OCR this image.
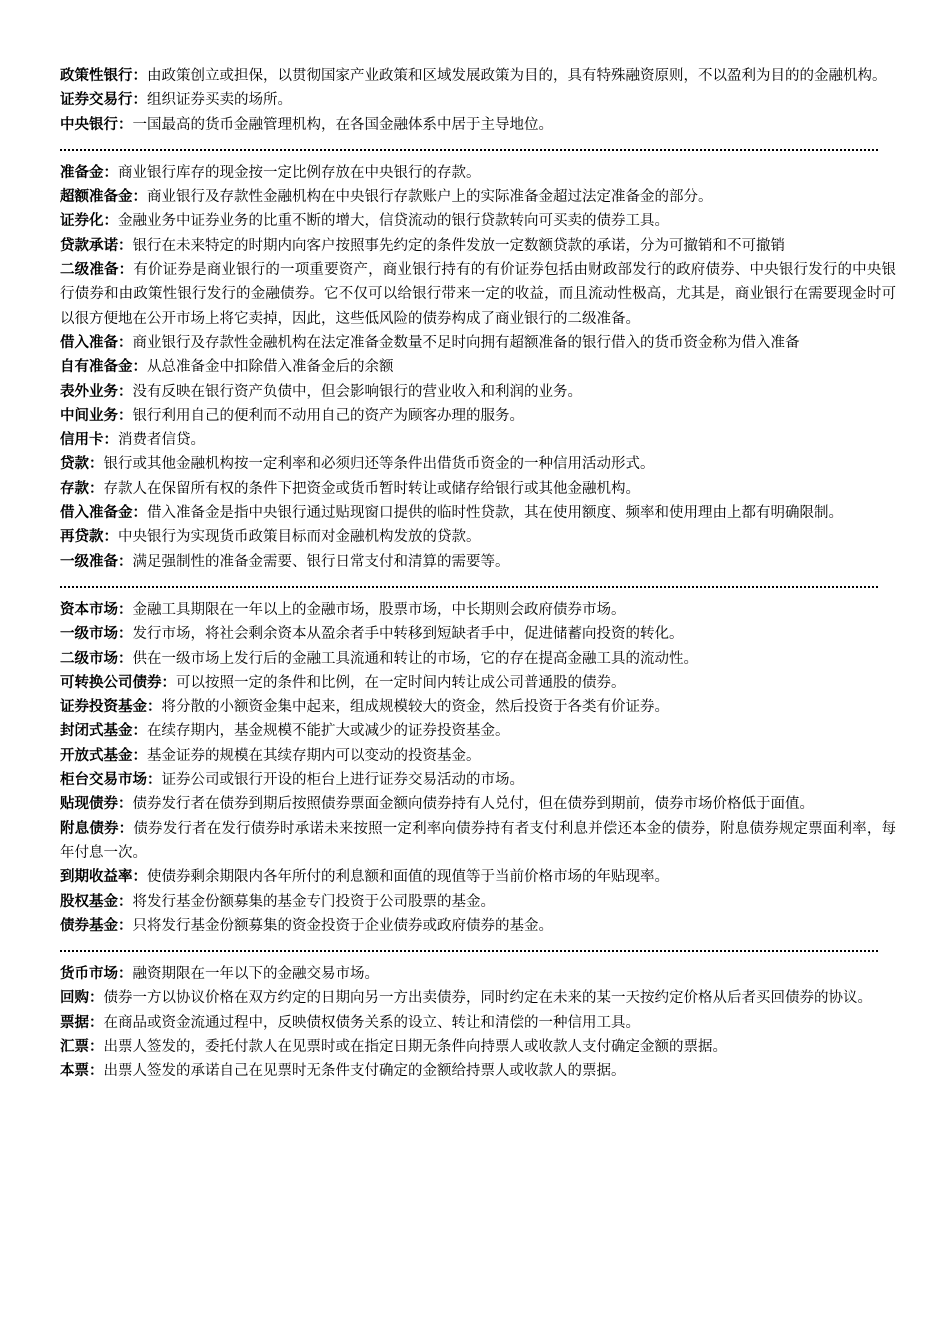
政策性银行：由政策创立或担保，以贯彻国家产业政策和区域发展政策为目的，具有特殊融资原则，不以盈利为目的的金融机构。

证券交易行：组织证券买卖的场所。

中央银行：一国最高的货币金融管理机构，在各国金融体系中居于主导地位。

准备金：商业银行库存的现金按一定比例存放在中央银行的存款。

超额准备金：商业银行及存款性金融机构在中央银行存款账户上的实际准备金超过法定准备金的部分。

证券化：金融业务中证券业务的比重不断的增大，信贷流动的银行贷款转向可买卖的债券工具。

贷款承诺：银行在未来特定的时期内向客户按照事先约定的条件发放一定数额贷款的承诺，分为可撤销和不可撤销

二级准备：有价证券是商业银行的一项重要资产，商业银行持有的有价证券包括由财政部发行的政府债券、中央银行发行的中央银行债券和由政策性银行发行的金融债券。它不仅可以给银行带来一定的收益，而且流动性极高，尤其是，商业银行在需要现金时可以很方便地在公开市场上将它卖掉，因此，这些低风险的债券构成了商业银行的二级准备。

借入准备：商业银行及存款性金融机构在法定准备金数量不足时向拥有超额准备的银行借入的货币资金称为借入准备

自有准备金：从总准备金中扣除借入准备金后的余额

表外业务：没有反映在银行资产负债中，但会影响银行的营业收入和利润的业务。

中间业务：银行利用自己的便利而不动用自己的资产为顾客办理的服务。

信用卡：消费者信贷。

贷款：银行或其他金融机构按一定利率和必须归还等条件出借货币资金的一种信用活动形式。

存款：存款人在保留所有权的条件下把资金或货币暂时转让或储存给银行或其他金融机构。

借入准备金：借入准备金是指中央银行通过贴现窗口提供的临时性贷款，其在使用额度、频率和使用理由上都有明确限制。

再贷款：中央银行为实现货币政策目标而对金融机构发放的贷款。

一级准备：满足强制性的准备金需要、银行日常支付和清算的需要等。

资本市场：金融工具期限在一年以上的金融市场，股票市场，中长期则会政府债券市场。

一级市场：发行市场，将社会剩余资本从盈余者手中转移到短缺者手中，促进储蓄向投资的转化。

二级市场：供在一级市场上发行后的金融工具流通和转让的市场，它的存在提高金融工具的流动性。

可转换公司债券：可以按照一定的条件和比例，在一定时间内转让成公司普通股的债券。

证券投资基金：将分散的小额资金集中起来，组成规模较大的资金，然后投资于各类有价证券。

封闭式基金：在续存期内，基金规模不能扩大或减少的证券投资基金。

开放式基金：基金证券的规模在其续存期内可以变动的投资基金。

柜台交易市场：证券公司或银行开设的柜台上进行证券交易活动的市场。

贴现债券：债券发行者在债券到期后按照债券票面金额向债券持有人兑付，但在债券到期前，债券市场价格低于面值。

附息债券：债券发行者在发行债券时承诺未来按照一定利率向债券持有者支付利息并偿还本金的债券，附息债券规定票面利率，每年付息一次。

到期收益率：使债券剩余期限内各年所付的利息额和面值的现值等于当前价格市场的年贴现率。

股权基金：将发行基金份额募集的基金专门投资于公司股票的基金。

债券基金：只将发行基金份额募集的资金投资于企业债券或政府债券的基金。

货币市场：融资期限在一年以下的金融交易市场。

回购：债券一方以协议价格在双方约定的日期向另一方出卖债券，同时约定在未来的某一天按约定价格从后者买回债券的协议。

票据：在商品或资金流通过程中，反映债权债务关系的设立、转让和清偿的一种信用工具。

汇票：出票人签发的，委托付款人在见票时或在指定日期无条件向持票人或收款人支付确定金额的票据。

本票：出票人签发的承诺自己在见票时无条件支付确定的金额给持票人或收款人的票据。
